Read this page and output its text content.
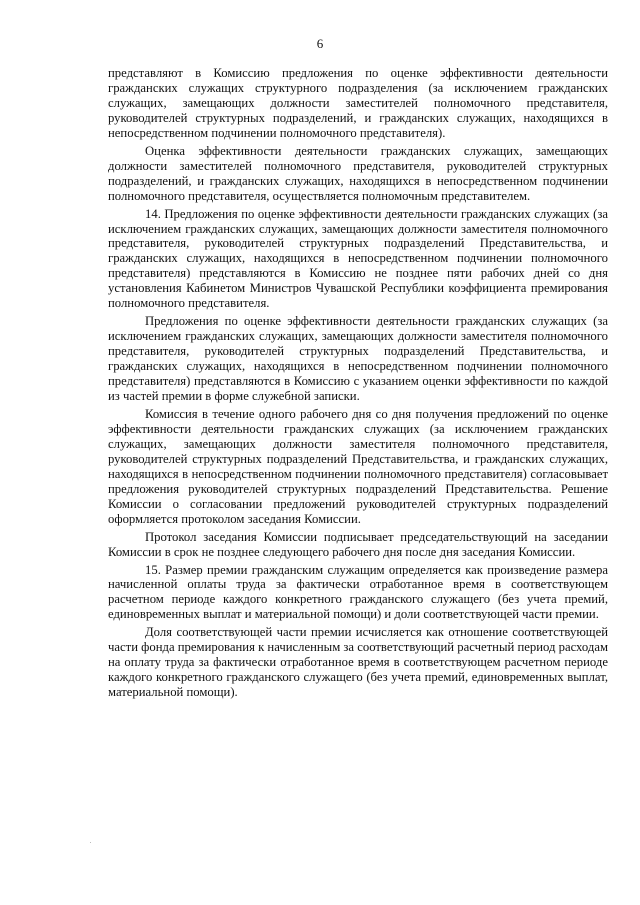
6

представляют в Комиссию предложения по оценке эффективности деятельности гражданских служащих структурного подразделения (за исключением гражданских служащих, замещающих должности заместителей полномочного представителя, руководителей структурных подразделений, и гражданских служащих, находящихся в непосредственном подчинении полномочного представителя).

Оценка эффективности деятельности гражданских служащих, замещающих должности заместителей полномочного представителя, руководителей структурных подразделений, и гражданских служащих, находящихся в непосредственном подчинении полномочного представителя, осуществляется полномочным представителем.

14. Предложения по оценке эффективности деятельности гражданских служащих (за исключением гражданских служащих, замещающих должности заместителя полномочного представителя, руководителей структурных подразделений Представительства, и гражданских служащих, находящихся в непосредственном подчинении полномочного представителя) представляются в Комиссию не позднее пяти рабочих дней со дня установления Кабинетом Министров Чувашской Республики коэффициента премирования полномочного представителя.

Предложения по оценке эффективности деятельности гражданских служащих (за исключением гражданских служащих, замещающих должности заместителя полномочного представителя, руководителей структурных подразделений Представительства, и гражданских служащих, находящихся в непосредственном подчинении полномочного представителя) представляются в Комиссию с указанием оценки эффективности по каждой из частей премии в форме служебной записки.

Комиссия в течение одного рабочего дня со дня получения предложений по оценке эффективности деятельности гражданских служащих (за исключением гражданских служащих, замещающих должности заместителя полномочного представителя, руководителей структурных подразделений Представительства, и гражданских служащих, находящихся в непосредственном подчинении полномочного представителя) согласовывает предложения руководителей структурных подразделений Представительства. Решение Комиссии о согласовании предложений руководителей структурных подразделений оформляется протоколом заседания Комиссии.

Протокол заседания Комиссии подписывает председательствующий на заседании Комиссии в срок не позднее следующего рабочего дня после дня заседания Комиссии.

15. Размер премии гражданским служащим определяется как произведение размера начисленной оплаты труда за фактически отработанное время в соответствующем расчетном периоде каждого конкретного гражданского служащего (без учета премий, единовременных выплат и материальной помощи) и доли соответствующей части премии.

Доля соответствующей части премии исчисляется как отношение соответствующей части фонда премирования к начисленным за соответствующий расчетный период расходам на оплату труда за фактически отработанное время в соответствующем расчетном периоде каждого конкретного гражданского служащего (без учета премий, единовременных выплат, материальной помощи).
